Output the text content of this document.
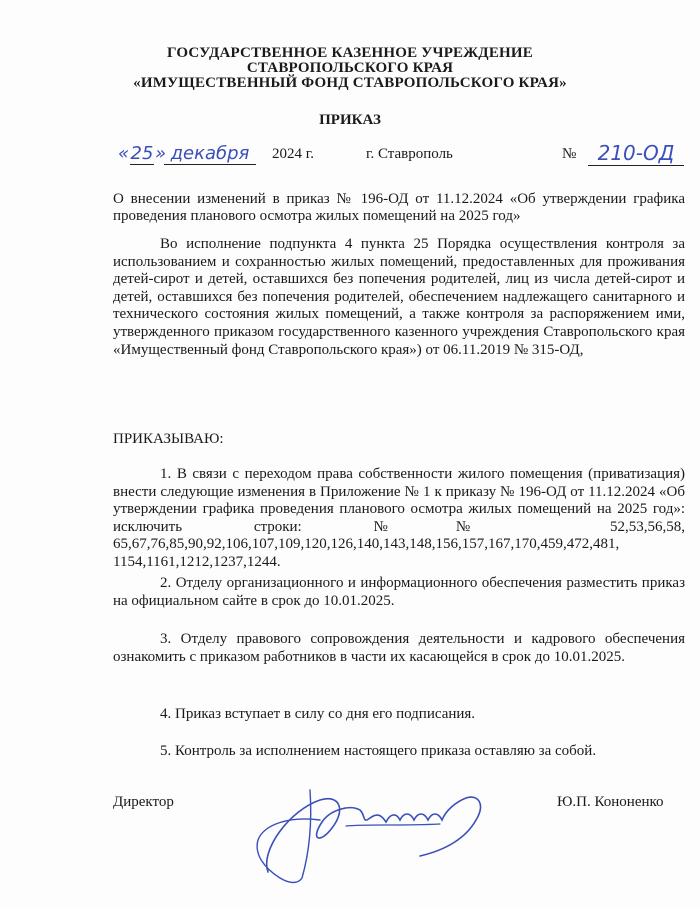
ГОСУДАРСТВЕННОЕ КАЗЕННОЕ УЧРЕЖДЕНИЕ
СТАВРОПОЛЬСКОГО КРАЯ
«ИМУЩЕСТВЕННЫЙ ФОНД СТАВРОПОЛЬСКОГО КРАЯ»
ПРИКАЗ
« 25 » декабря	2024 г.	г. Ставрополь	№	210-ОД
О внесении изменений в приказ № 196-ОД от 11.12.2024 «Об утверждении графика проведения планового осмотра жилых помещений на 2025 год»
Во исполнение подпункта 4 пункта 25 Порядка осуществления контроля за использованием и сохранностью жилых помещений, предоставленных для проживания детей-сирот и детей, оставшихся без попечения родителей, лиц из числа детей-сирот и детей, оставшихся без попечения родителей, обеспечением надлежащего санитарного и технического состояния жилых помещений, а также контроля за распоряжением ими, утвержденного приказом государственного казенного учреждения Ставропольского края «Имущественный фонд Ставропольского края») от 06.11.2019 № 315-ОД,
ПРИКАЗЫВАЮ:
1. В связи с переходом права собственности жилого помещения (приватизация) внести следующие изменения в Приложение № 1 к приказу № 196-ОД от 11.12.2024 «Об утверждении графика проведения планового осмотра жилых помещений на 2025 год»: исключить строки: №№ 52,53,56,58, 65,67,76,85,90,92,106,107,109,120,126,140,143,148,156,157,167,170,459,472,481, 1154,1161,1212,1237,1244.
2. Отделу организационного и информационного обеспечения разместить приказ на официальном сайте в срок до 10.01.2025.
3. Отделу правового сопровождения деятельности и кадрового обеспечения ознакомить с приказом работников в части их касающейся в срок до 10.01.2025.
4. Приказ вступает в силу со дня его подписания.
5. Контроль за исполнением настоящего приказа оставляю за собой.
Директор	Ю.П. Кононенко
